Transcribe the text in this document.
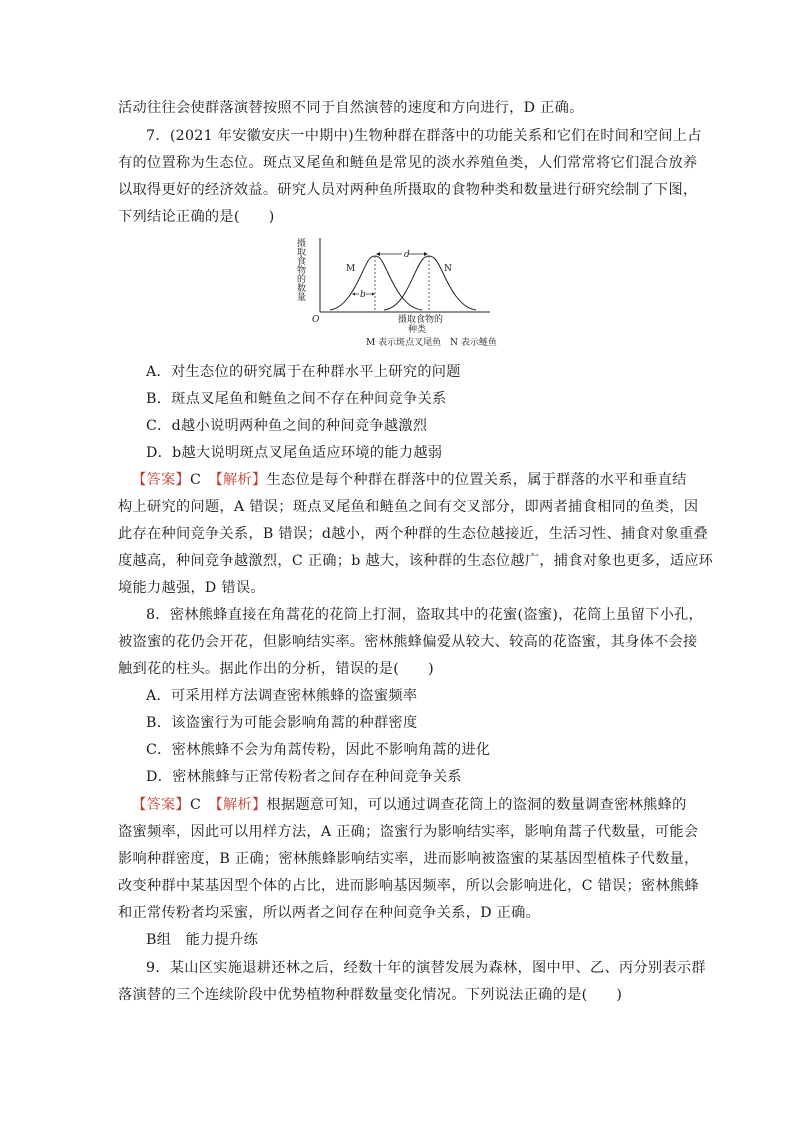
活动往往会使群落演替按照不同于自然演替的速度和方向进行，D 正确。
7．(2021 年安徽安庆一中期中)生物种群在群落中的功能关系和它们在时间和空间上占
有的位置称为生态位。斑点叉尾鱼和鲢鱼是常见的淡水养殖鱼类，人们常常将它们混合放养
以取得更好的经济效益。研究人员对两种鱼所摄取的食物种类和数量进行研究绘制了下图，
下列结论正确的是(　　)
d
b
M	N
O	摄取食物的
种类
M 表示斑点叉尾鱼　N 表示鲢鱼
摄取食物的数量
A．对生态位的研究属于在种群水平上研究的问题
B．斑点叉尾鱼和鲢鱼之间不存在种间竞争关系
C．d越小说明两种鱼之间的种间竞争越激烈
D．b越大说明斑点叉尾鱼适应环境的能力越弱
【答案】C　【解析】生态位是每个种群在群落中的位置关系，属于群落的水平和垂直结
构上研究的问题，A 错误；斑点叉尾鱼和鲢鱼之间有交叉部分，即两者捕食相同的鱼类，因
此存在种间竞争关系，B 错误；d越小，两个种群的生态位越接近，生活习性、捕食对象重叠
度越高，种间竞争越激烈，C 正确；b 越大，该种群的生态位越广，捕食对象也更多，适应环
境能力越强，D 错误。
8．密林熊蜂直接在角蒿花的花筒上打洞，盗取其中的花蜜(盗蜜)，花筒上虽留下小孔，
被盗蜜的花仍会开花，但影响结实率。密林熊蜂偏爱从较大、较高的花盗蜜，其身体不会接
触到花的柱头。据此作出的分析，错误的是(　　)
A．可采用样方法调查密林熊蜂的盗蜜频率
B．该盗蜜行为可能会影响角蒿的种群密度
C．密林熊蜂不会为角蒿传粉，因此不影响角蒿的进化
D．密林熊蜂与正常传粉者之间存在种间竞争关系
【答案】C　【解析】根据题意可知，可以通过调查花筒上的盗洞的数量调查密林熊蜂的
盗蜜频率，因此可以用样方法，A 正确；盗蜜行为影响结实率，影响角蒿子代数量，可能会
影响种群密度，B 正确；密林熊蜂影响结实率，进而影响被盗蜜的某基因型植株子代数量，
改变种群中某基因型个体的占比，进而影响基因频率，所以会影响进化，C 错误；密林熊蜂
和正常传粉者均采蜜，所以两者之间存在种间竞争关系，D 正确。
B组　能力提升练
9．某山区实施退耕还林之后，经数十年的演替发展为森林，图中甲、乙、丙分别表示群
落演替的三个连续阶段中优势植物种群数量变化情况。下列说法正确的是(　　)
